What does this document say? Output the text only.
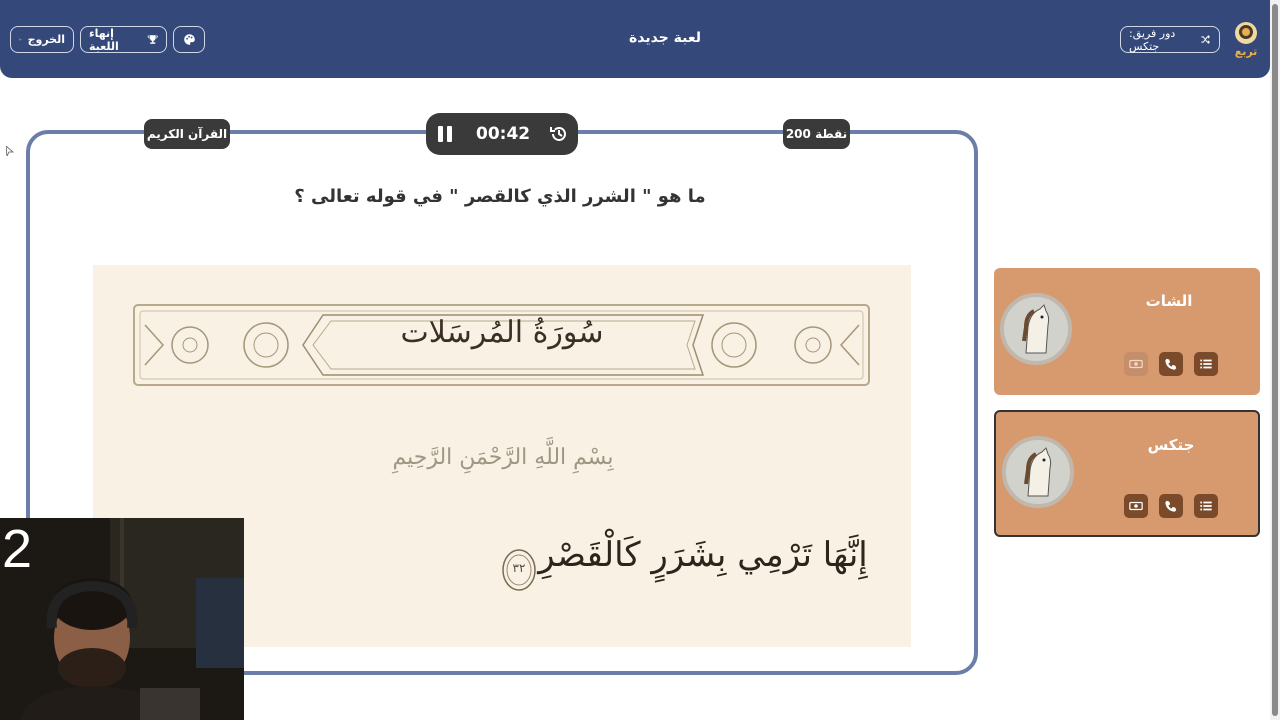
الخروج إنهاء اللعبة	لعبة جديدة	دور فريق: جتكس	تربع
القرآن الكريم	200 نقطة
00:42
ما هو " الشرر الذي كالقصر " في قوله تعالى ؟
سُورَةُ المُرسَلات
بِسْمِ اللَّهِ الرَّحْمَنِ الرَّحِيمِ
إِنَّهَا تَرْمِي بِشَرَرٍ كَالْقَصْرِ
٣٢
الشات
جتكس
2
